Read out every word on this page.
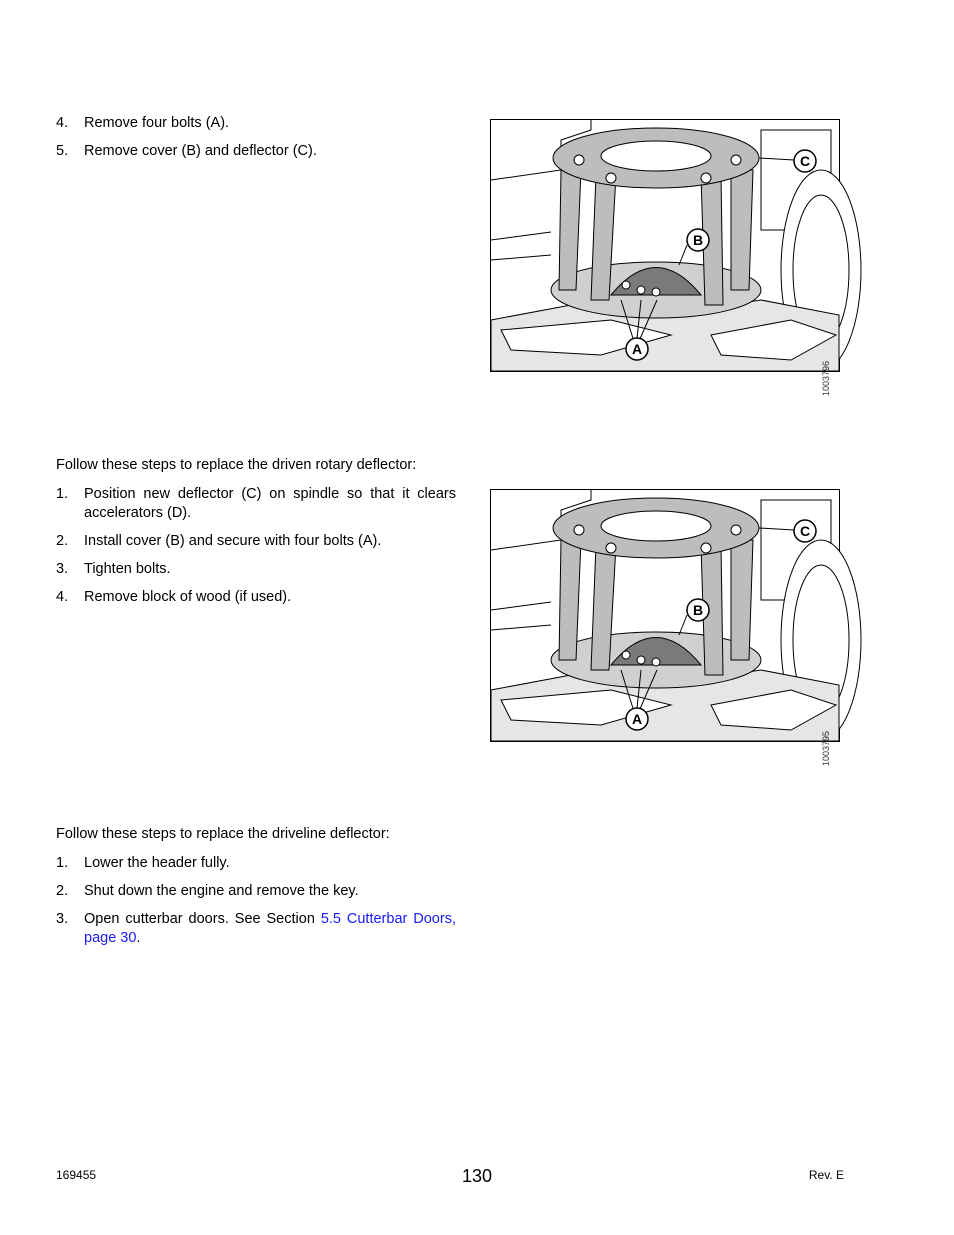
4.	Remove four bolts (A).
5.	Remove cover (B) and deflector (C).
C
B
A
1003796

Follow these steps to replace the driven rotary deflector:

1.	Position new deflector (C) on spindle so that it clears accelerators (D).
2.	Install cover (B) and secure with four bolts (A).
3.	Tighten bolts.
4.	Remove block of wood (if used).
C
B
A
1003795

Follow these steps to replace the driveline deflector:

1.	Lower the header fully.
2.	Shut down the engine and remove the key.
3.	Open cutterbar doors. See Section 5.5 Cutterbar Doors, page 30.
169455	130	Rev. E
